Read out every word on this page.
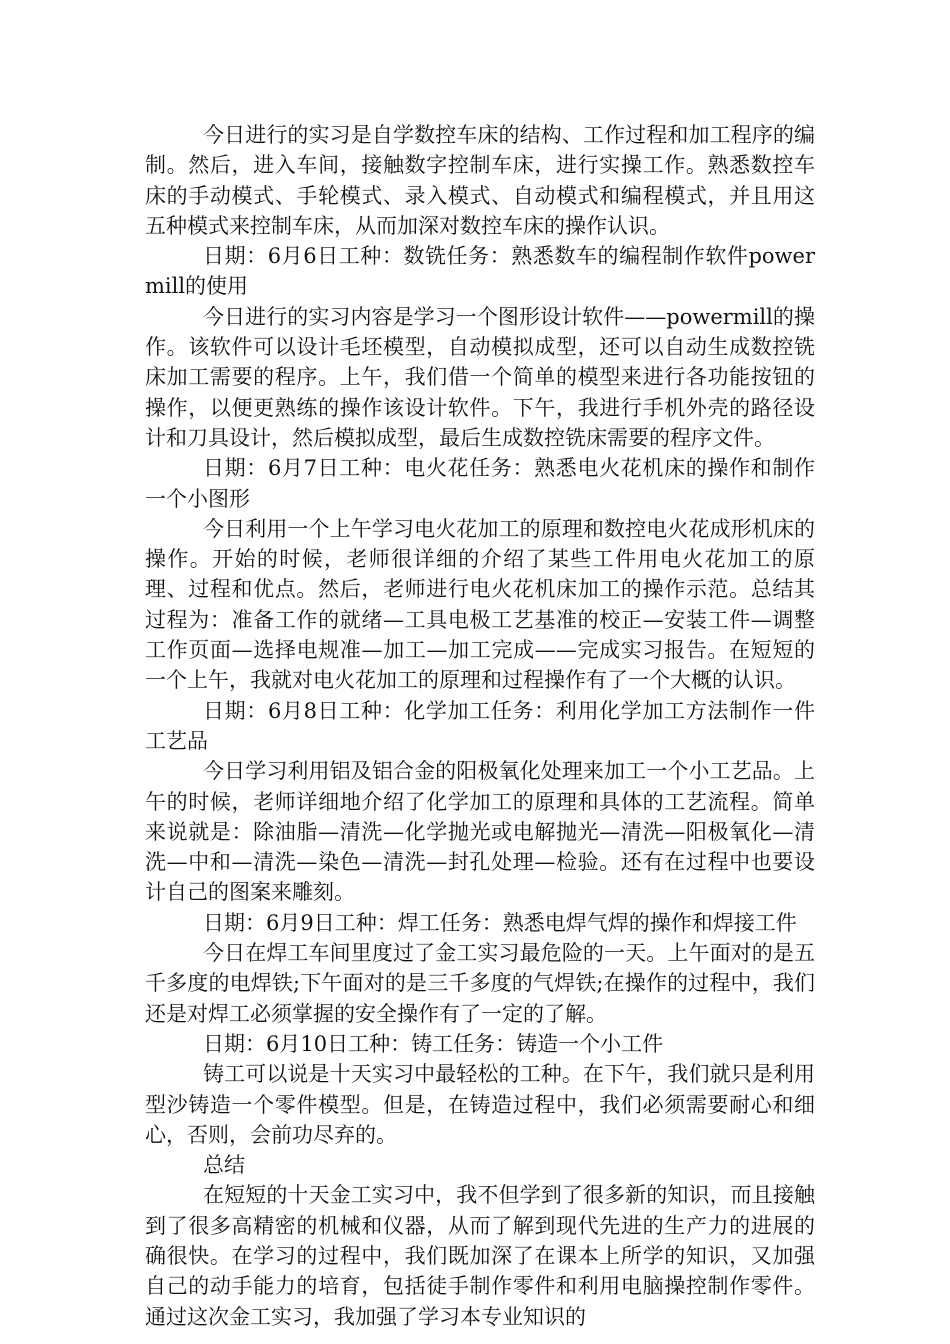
今日进行的实习是自学数控车床的结构、工作过程和加工程序的编制。然后，进入车间，接触数字控制车床，进行实操工作。熟悉数控车床的手动模式、手轮模式、录入模式、自动模式和编程模式，并且用这五种模式来控制车床，从而加深对数控车床的操作认识。

日期：6月6日工种：数铣任务：熟悉数车的编程制作软件powermill的使用

今日进行的实习内容是学习一个图形设计软件——powermill的操作。该软件可以设计毛坯模型，自动模拟成型，还可以自动生成数控铣床加工需要的程序。上午，我们借一个简单的模型来进行各功能按钮的操作，以便更熟练的操作该设计软件。下午，我进行手机外壳的路径设计和刀具设计，然后模拟成型，最后生成数控铣床需要的程序文件。

日期：6月7日工种：电火花任务：熟悉电火花机床的操作和制作一个小图形

今日利用一个上午学习电火花加工的原理和数控电火花成形机床的操作。开始的时候，老师很详细的介绍了某些工件用电火花加工的原理、过程和优点。然后，老师进行电火花机床加工的操作示范。总结其过程为：准备工作的就绪—工具电极工艺基准的校正—安装工件—调整工作页面—选择电规准—加工—加工完成——完成实习报告。在短短的一个上午，我就对电火花加工的原理和过程操作有了一个大概的认识。

日期：6月8日工种：化学加工任务：利用化学加工方法制作一件工艺品

今日学习利用铝及铝合金的阳极氧化处理来加工一个小工艺品。上午的时候，老师详细地介绍了化学加工的原理和具体的工艺流程。简单来说就是：除油脂—清洗—化学抛光或电解抛光—清洗—阳极氧化—清洗—中和—清洗—染色—清洗—封孔处理—检验。还有在过程中也要设计自己的图案来雕刻。

日期：6月9日工种：焊工任务：熟悉电焊气焊的操作和焊接工件

今日在焊工车间里度过了金工实习最危险的一天。上午面对的是五千多度的电焊铁;下午面对的是三千多度的气焊铁;在操作的过程中，我们还是对焊工必须掌握的安全操作有了一定的了解。

日期：6月10日工种：铸工任务：铸造一个小工件

铸工可以说是十天实习中最轻松的工种。在下午，我们就只是利用型沙铸造一个零件模型。但是，在铸造过程中，我们必须需要耐心和细心，否则，会前功尽弃的。

总结

在短短的十天金工实习中，我不但学到了很多新的知识，而且接触到了很多高精密的机械和仪器，从而了解到现代先进的生产力的进展的确很快。在学习的过程中，我们既加深了在课本上所学的知识，又加强自己的动手能力的培育，包括徒手制作零件和利用电脑操控制作零件。通过这次金工实习，我加强了学习本专业知识的
